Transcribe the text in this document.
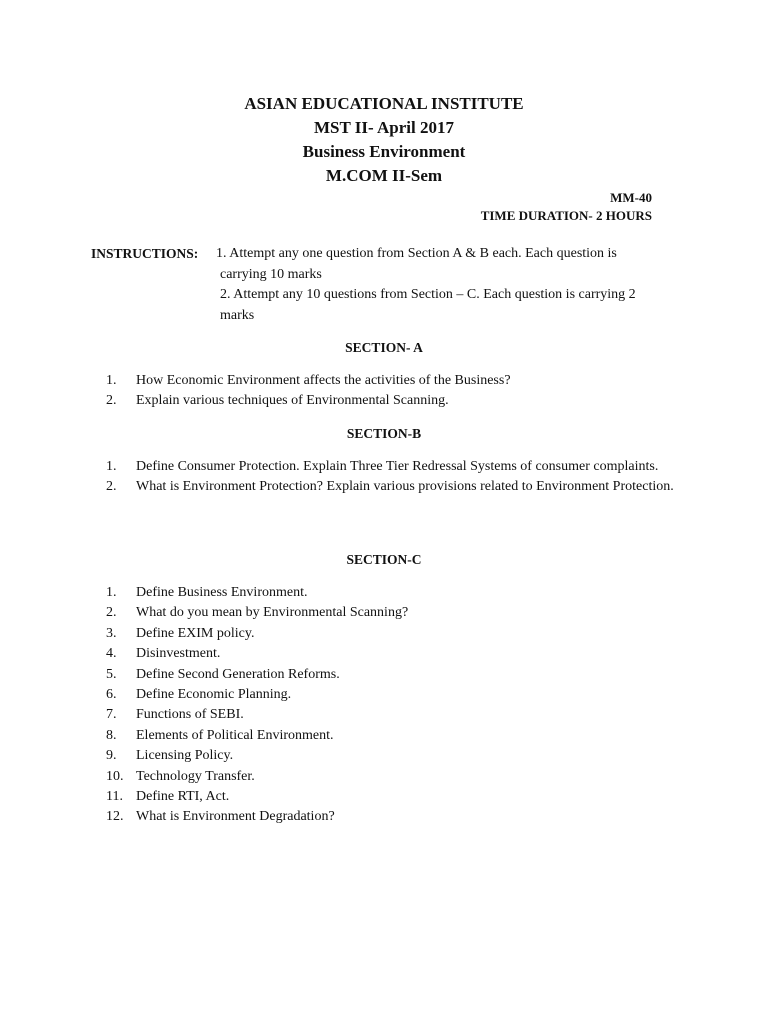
ASIAN EDUCATIONAL INSTITUTE
MST II- April 2017
Business Environment
M.COM II-Sem
MM-40
TIME DURATION- 2 HOURS
INSTRUCTIONS: 1. Attempt any one question from Section A & B each. Each question is carrying 10 marks
2. Attempt any 10 questions from Section – C. Each question is carrying 2 marks
SECTION- A
1.	How Economic Environment affects the activities of the Business?
2.	Explain various techniques of Environmental Scanning.
SECTION-B
1.	Define Consumer Protection. Explain Three Tier Redressal Systems of consumer complaints.
2.	What is Environment Protection? Explain various provisions related to Environment Protection.
SECTION-C
1.	Define Business Environment.
2.	What do you mean by Environmental Scanning?
3.	Define EXIM policy.
4.	Disinvestment.
5.	Define Second Generation Reforms.
6.	Define Economic Planning.
7.	Functions of SEBI.
8.	Elements of Political Environment.
9.	Licensing Policy.
10. Technology Transfer.
11. Define RTI, Act.
12. What is Environment Degradation?
